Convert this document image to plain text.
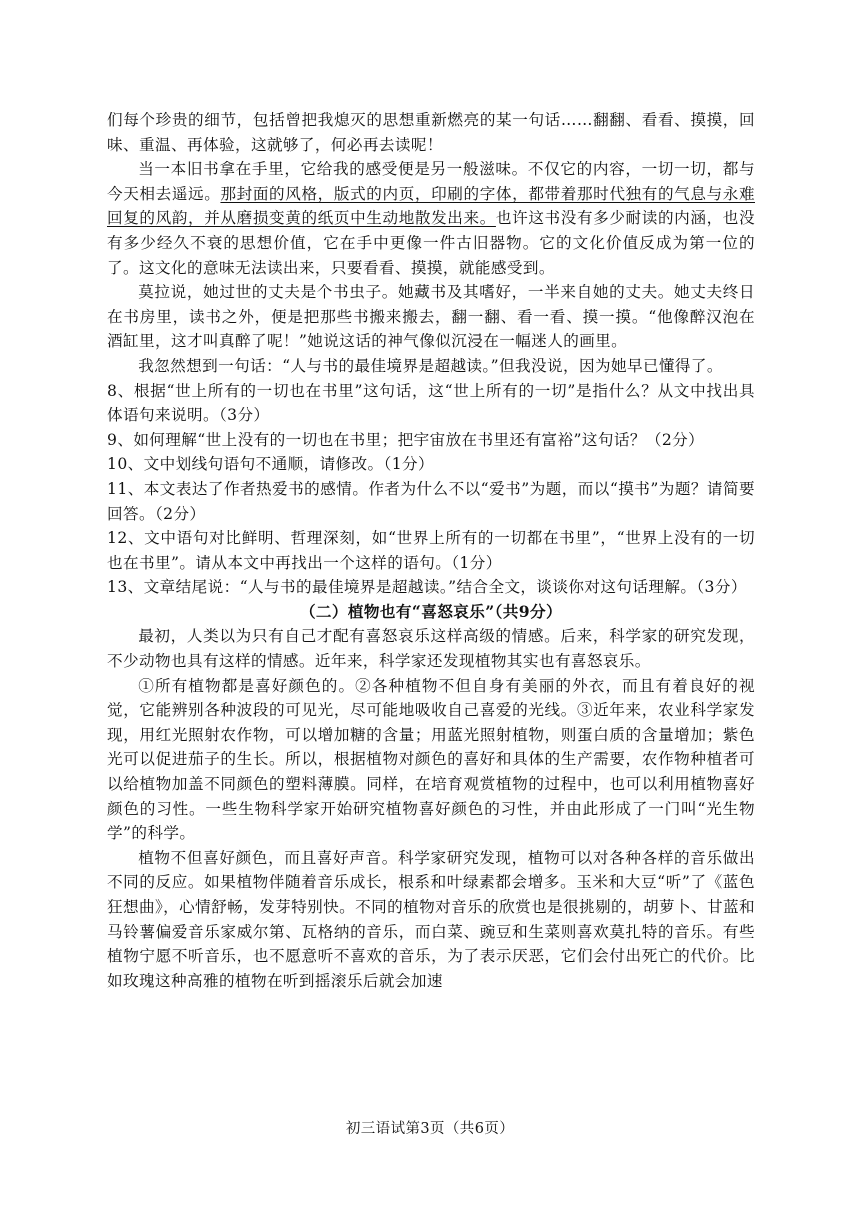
们每个珍贵的细节，包括曾把我熄灭的思想重新燃亮的某一句话……翻翻、看看、摸摸，回味、重温、再体验，这就够了，何必再去读呢！

当一本旧书拿在手里，它给我的感受便是另一般滋味。不仅它的内容，一切一切，都与今天相去遥远。那封面的风格，版式的内页，印刷的字体，都带着那时代独有的气息与永难回复的风韵，并从磨损变黄的纸页中生动地散发出来。也许这书没有多少耐读的内涵，也没有多少经久不衰的思想价值，它在手中更像一件古旧器物。它的文化价值反成为第一位的了。这文化的意味无法读出来，只要看看、摸摸，就能感受到。

莫拉说，她过世的丈夫是个书虫子。她藏书及其嗜好，一半来自她的丈夫。她丈夫终日在书房里，读书之外，便是把那些书搬来搬去，翻一翻、看一看、摸一摸。“他像醉汉泡在酒缸里，这才叫真醉了呢！”她说这话的神气像似沉浸在一幅迷人的画里。

我忽然想到一句话：“人与书的最佳境界是超越读。”但我没说，因为她早已懂得了。

8、根据“世上所有的一切也在书里”这句话，这“世上所有的一切”是指什么？从文中找出具体语句来说明。（3分）

9、如何理解“世上没有的一切也在书里；把宇宙放在书里还有富裕”这句话？（2分）

10、文中划线句语句不通顺，请修改。（1分）

11、本文表达了作者热爱书的感情。作者为什么不以“爱书”为题，而以“摸书”为题？请简要回答。（2分）

12、文中语句对比鲜明、哲理深刻，如“世界上所有的一切都在书里”，“世界上没有的一切也在书里”。请从本文中再找出一个这样的语句。（1分）

13、文章结尾说：“人与书的最佳境界是超越读。”结合全文，谈谈你对这句话理解。（3分）

（二）植物也有“喜怒哀乐”（共9分）

最初，人类以为只有自己才配有喜怒哀乐这样高级的情感。后来，科学家的研究发现，不少动物也具有这样的情感。近年来，科学家还发现植物其实也有喜怒哀乐。

①所有植物都是喜好颜色的。②各种植物不但自身有美丽的外衣，而且有着良好的视觉，它能辨别各种波段的可见光，尽可能地吸收自己喜爱的光线。③近年来，农业科学家发现，用红光照射农作物，可以增加糖的含量；用蓝光照射植物，则蛋白质的含量增加；紫色光可以促进茄子的生长。所以，根据植物对颜色的喜好和具体的生产需要，农作物种植者可以给植物加盖不同颜色的塑料薄膜。同样，在培育观赏植物的过程中，也可以利用植物喜好颜色的习性。一些生物科学家开始研究植物喜好颜色的习性，并由此形成了一门叫“光生物学”的科学。

植物不但喜好颜色，而且喜好声音。科学家研究发现，植物可以对各种各样的音乐做出不同的反应。如果植物伴随着音乐成长，根系和叶绿素都会增多。玉米和大豆“听”了《蓝色狂想曲》，心情舒畅，发芽特别快。不同的植物对音乐的欣赏也是很挑剔的，胡萝卜、甘蓝和马铃薯偏爱音乐家威尔第、瓦格纳的音乐，而白菜、豌豆和生菜则喜欢莫扎特的音乐。有些植物宁愿不听音乐，也不愿意听不喜欢的音乐，为了表示厌恶，它们会付出死亡的代价。比如玫瑰这种高雅的植物在听到摇滚乐后就会加速

初三语试第3页（共6页）
